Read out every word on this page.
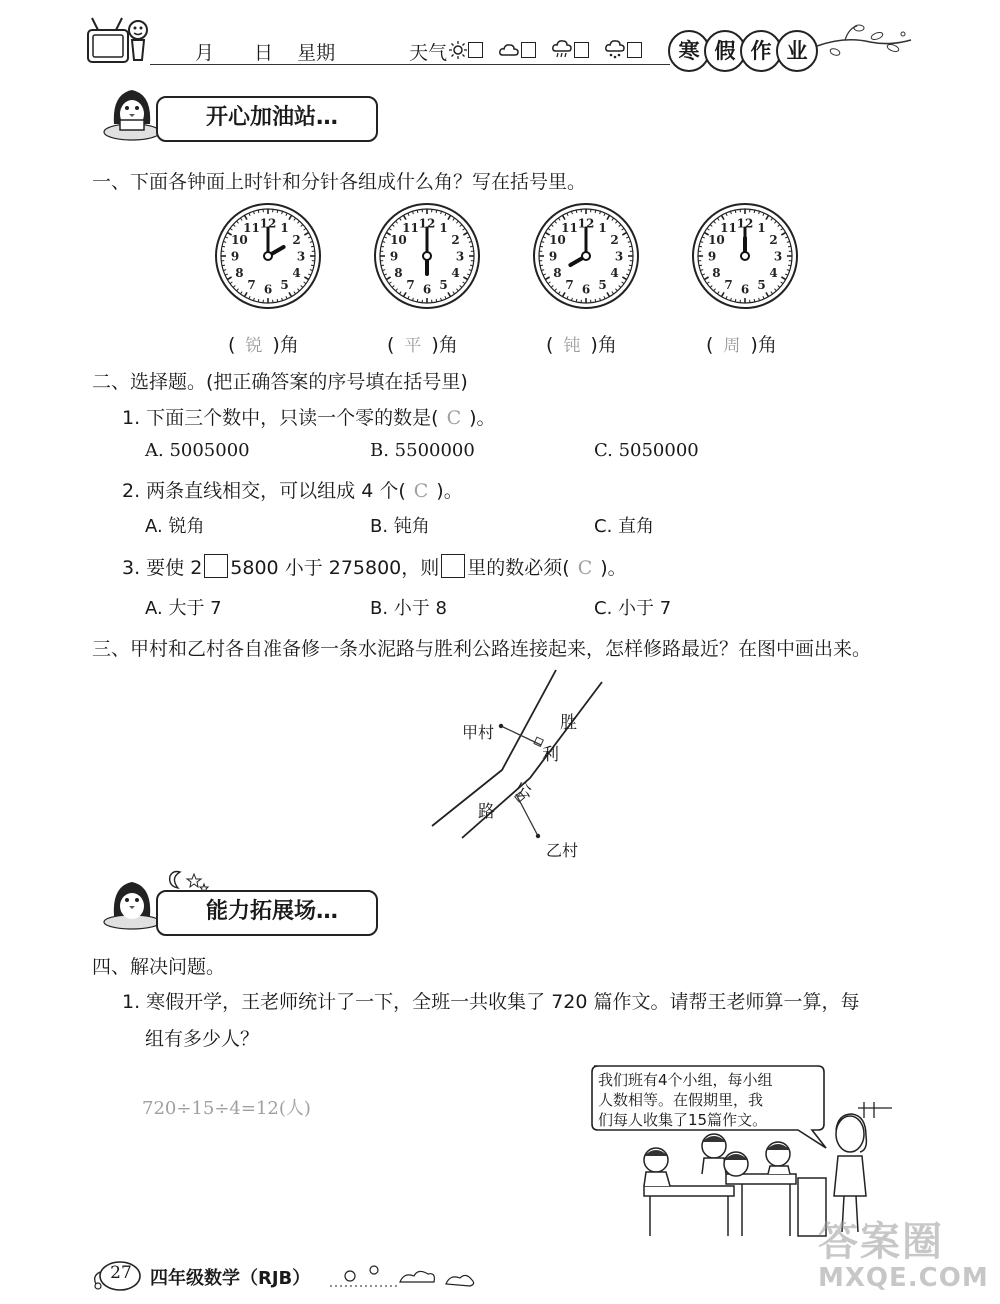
月 日 星期	天气
	寒 假 作 业
开心加油站…
一、下面各钟面上时针和分针各组成什么角？写在括号里。
12 1
2
3
4
5
6
7
8
9
10
11	12 1
2
3
4
5
6
7
8
9
10
11	12 1
2
3
4
5
6
7
8
9
10
11	12 1
2
3
4
5
6
7
8
9
10
11
( 锐 )角	( 平 )角	( 钝 )角	( 周 )角
二、选择题。(把正确答案的序号填在括号里)
1. 下面三个数中，只读一个零的数是( C )。
A. 5005000	B. 5500000	C. 5050000
2. 两条直线相交，可以组成 4 个( C )。
A. 锐角	B. 钝角	C. 直角
3. 要使 2 5800 小于 275800，则 里的数必须( C )。
A. 大于 7	B. 小于 8	C. 小于 7
三、甲村和乙村各自准备修一条水泥路与胜利公路连接起来，怎样修路最近？在图中画出来。
甲村
乙村
胜
利
公
路
能力拓展场…
四、解决问题。
1. 寒假开学，王老师统计了一下，全班一共收集了 720 篇作文。请帮王老师算一算，每
组有多少人？
720÷15÷4=12(人)
我们班有4个小组，每小组
人数相等。在假期里，我
们每人收集了15篇作文。
27 四年级数学（RJB）
答案圈
MXQE.COM
